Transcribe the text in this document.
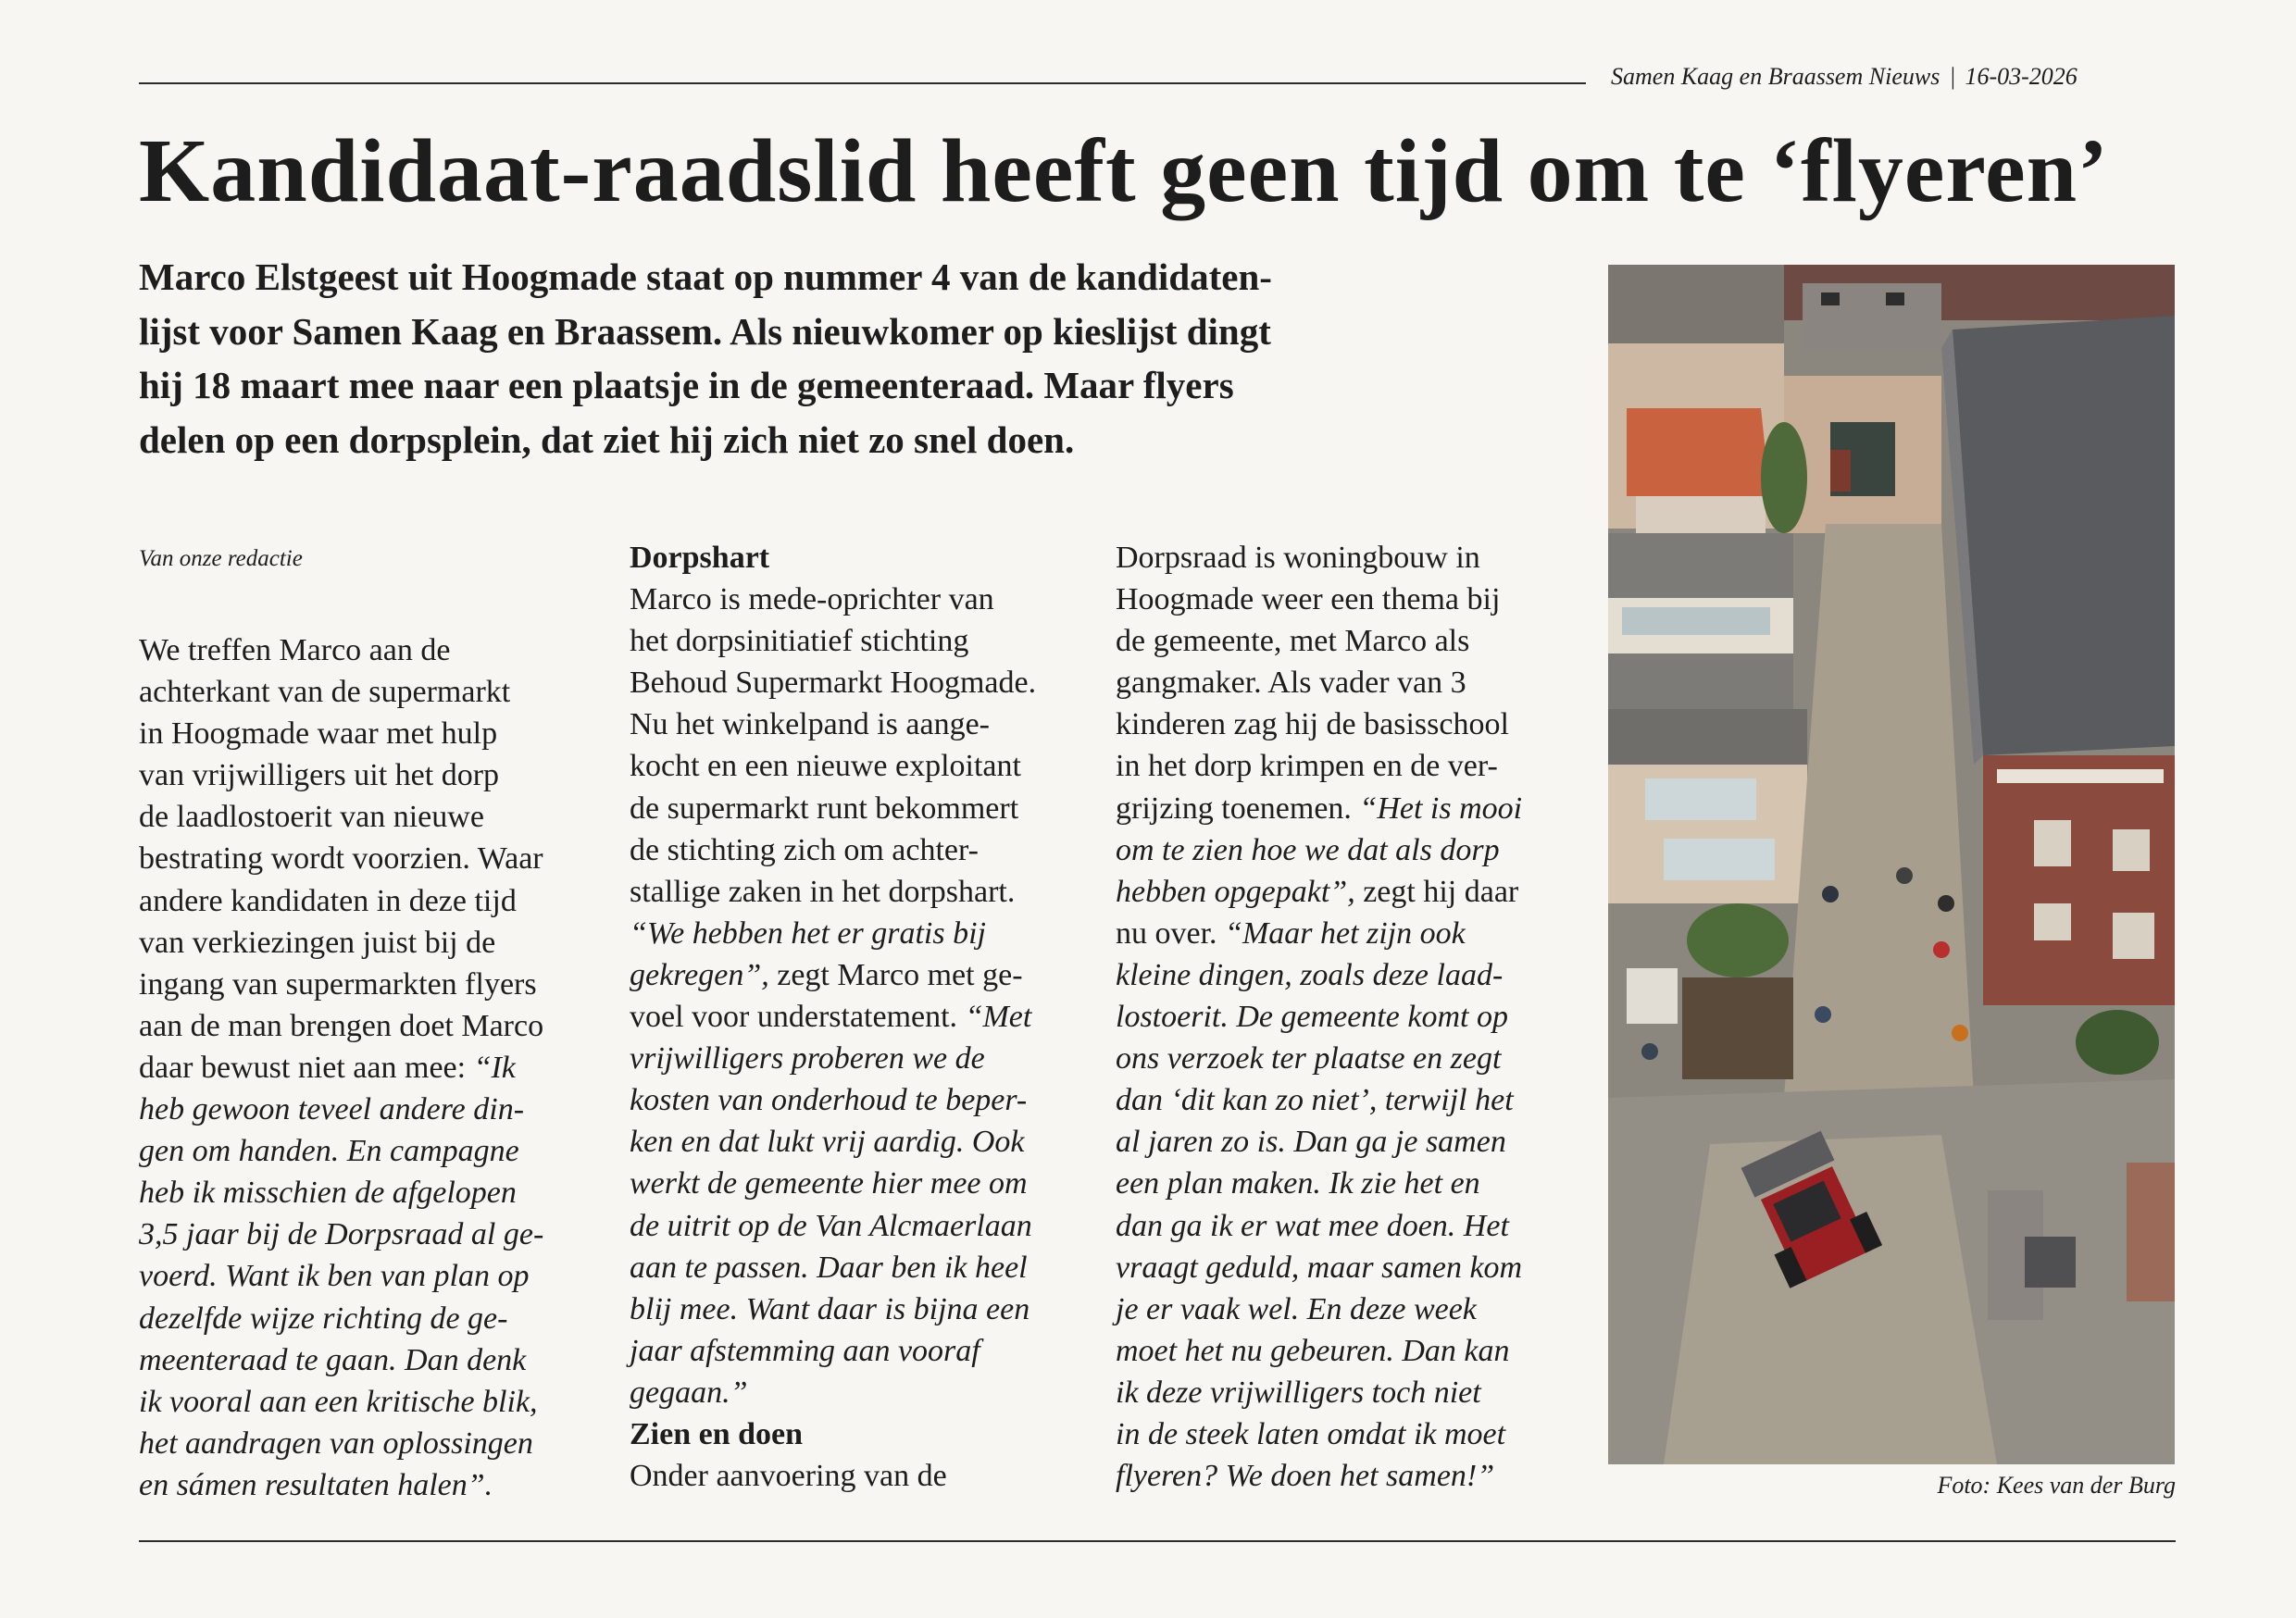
Samen Kaag en Braassem Nieuws | 16-03-2026
Kandidaat-raadslid heeft geen tijd om te ‘flyeren’
Marco Elstgeest uit Hoogmade staat op nummer 4 van de kandidaten-
lijst voor Samen Kaag en Braassem. Als nieuwkomer op kieslijst dingt
hij 18 maart mee naar een plaatsje in de gemeenteraad. Maar flyers
delen op een dorpsplein, dat ziet hij zich niet zo snel doen.
Van onze redactie
We treffen Marco aan de
achterkant van de supermarkt
in Hoogmade waar met hulp
van vrijwilligers uit het dorp
de laadlostoerit van nieuwe
bestrating wordt voorzien. Waar
andere kandidaten in deze tijd
van verkiezingen juist bij de
ingang van supermarkten flyers
aan de man brengen doet Marco
daar bewust niet aan mee: “Ik
heb gewoon teveel andere din-
gen om handen. En campagne
heb ik misschien de afgelopen
3,5 jaar bij de Dorpsraad al ge-
voerd. Want ik ben van plan op
dezelfde wijze richting de ge-
meenteraad te gaan. Dan denk
ik vooral aan een kritische blik,
het aandragen van oplossingen
en sámen resultaten halen”.
Dorpshart
Marco is mede-oprichter van
het dorpsinitiatief stichting
Behoud Supermarkt Hoogmade.
Nu het winkelpand is aange-
kocht en een nieuwe exploitant
de supermarkt runt bekommert
de stichting zich om achter-
stallige zaken in het dorpshart.
“We hebben het er gratis bij
gekregen”, zegt Marco met ge-
voel voor understatement. “Met
vrijwilligers proberen we de
kosten van onderhoud te beper-
ken en dat lukt vrij aardig. Ook
werkt de gemeente hier mee om
de uitrit op de Van Alcmaerlaan
aan te passen. Daar ben ik heel
blij mee. Want daar is bijna een
jaar afstemming aan vooraf
gegaan.”
Zien en doen
Onder aanvoering van de
Dorpsraad is woningbouw in
Hoogmade weer een thema bij
de gemeente, met Marco als
gangmaker. Als vader van 3
kinderen zag hij de basisschool
in het dorp krimpen en de ver-
grijzing toenemen. “Het is mooi
om te zien hoe we dat als dorp
hebben opgepakt”, zegt hij daar
nu over. “Maar het zijn ook
kleine dingen, zoals deze laad-
lostoerit. De gemeente komt op
ons verzoek ter plaatse en zegt
dan ‘dit kan zo niet’, terwijl het
al jaren zo is. Dan ga je samen
een plan maken. Ik zie het en
dan ga ik er wat mee doen. Het
vraagt geduld, maar samen kom
je er vaak wel. En deze week
moet het nu gebeuren. Dan kan
ik deze vrijwilligers toch niet
in de steek laten omdat ik moet
flyeren? We doen het samen!”	Foto: Kees van der Burg
